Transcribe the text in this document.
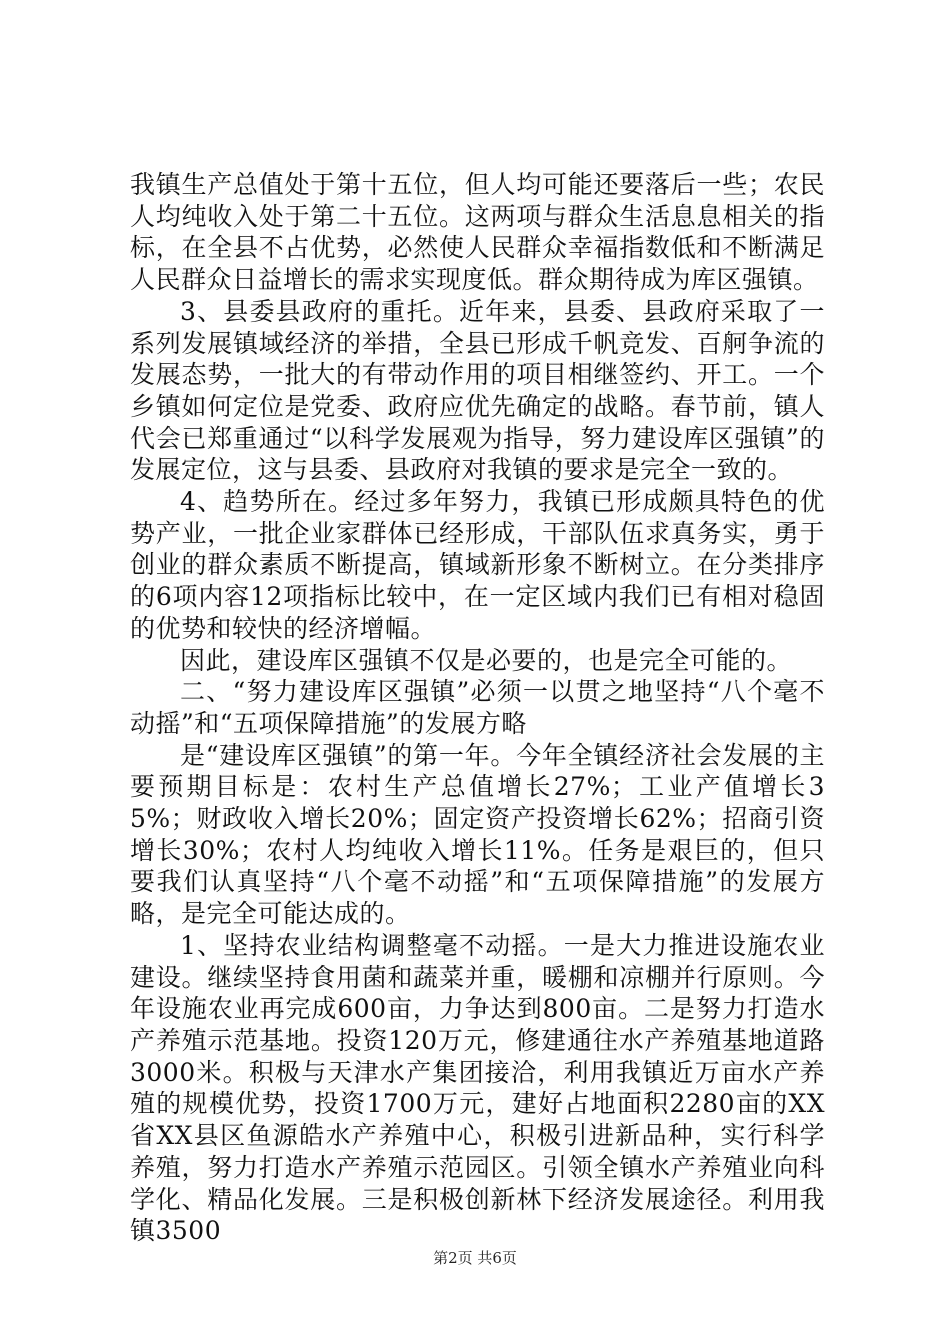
我镇生产总值处于第十五位，但人均可能还要落后一些；农民人均纯收入处于第二十五位。这两项与群众生活息息相关的指标，在全县不占优势，必然使人民群众幸福指数低和不断满足人民群众日益增长的需求实现度低。群众期待成为库区强镇。

3、县委县政府的重托。近年来，县委、县政府采取了一系列发展镇域经济的举措，全县已形成千帆竞发、百舸争流的发展态势，一批大的有带动作用的项目相继签约、开工。一个乡镇如何定位是党委、政府应优先确定的战略。春节前，镇人代会已郑重通过“以科学发展观为指导，努力建设库区强镇”的发展定位，这与县委、县政府对我镇的要求是完全一致的。

4、趋势所在。经过多年努力，我镇已形成颇具特色的优势产业，一批企业家群体已经形成，干部队伍求真务实，勇于创业的群众素质不断提高，镇域新形象不断树立。在分类排序的6项内容12项指标比较中，在一定区域内我们已有相对稳固的优势和较快的经济增幅。

因此，建设库区强镇不仅是必要的，也是完全可能的。

二、“努力建设库区强镇”必须一以贯之地坚持“八个毫不动摇”和“五项保障措施”的发展方略

是“建设库区强镇”的第一年。今年全镇经济社会发展的主要预期目标是：农村生产总值增长27%；工业产值增长35%；财政收入增长20%；固定资产投资增长62%；招商引资增长30%；农村人均纯收入增长11%。任务是艰巨的，但只要我们认真坚持“八个毫不动摇”和“五项保障措施”的发展方略，是完全可能达成的。

1、坚持农业结构调整毫不动摇。一是大力推进设施农业建设。继续坚持食用菌和蔬菜并重，暖棚和凉棚并行原则。今年设施农业再完成600亩，力争达到800亩。二是努力打造水产养殖示范基地。投资120万元，修建通往水产养殖基地道路3000米。积极与天津水产集团接洽，利用我镇近万亩水产养殖的规模优势，投资1700万元，建好占地面积2280亩的XX省XX县区鱼源皓水产养殖中心，积极引进新品种，实行科学养殖，努力打造水产养殖示范园区。引领全镇水产养殖业向科学化、精品化发展。三是积极创新林下经济发展途径。利用我镇3500

第2页 共6页
